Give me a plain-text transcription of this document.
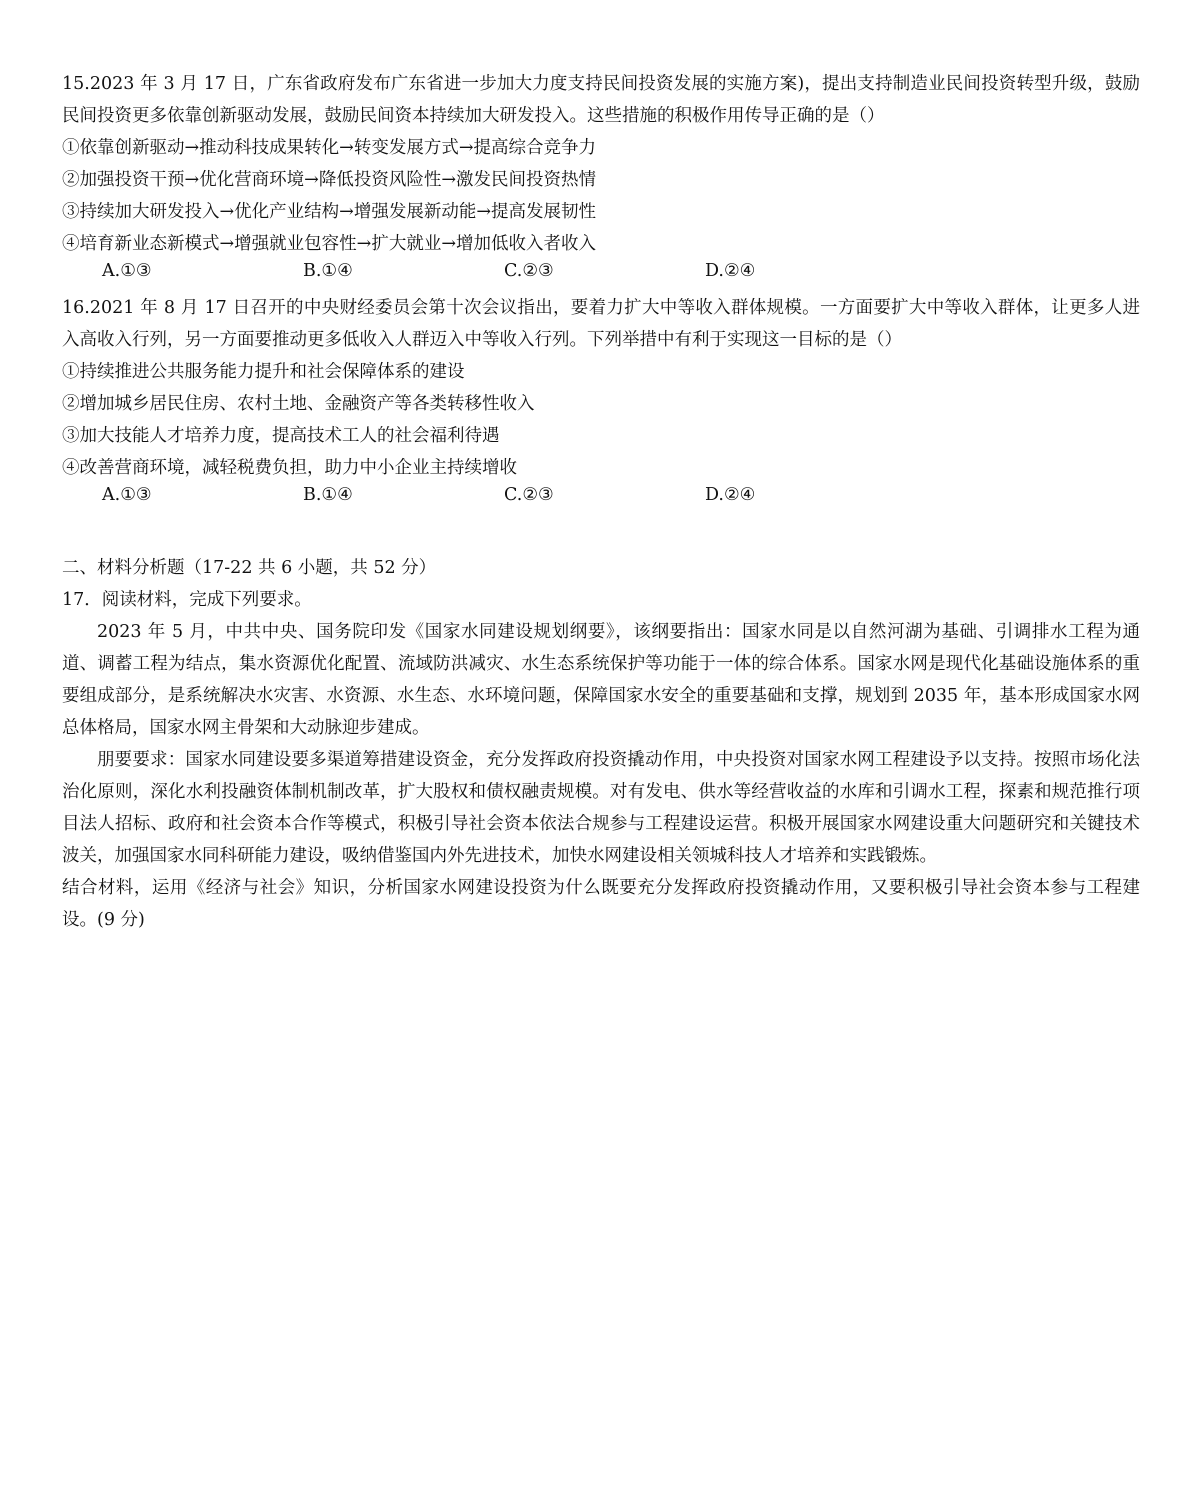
15.2023 年 3 月 17 日，广东省政府发布广东省进一步加大力度支持民间投资发展的实施方案)，提出支持制造业民间投资转型升级，鼓励民间投资更多依靠创新驱动发展，鼓励民间资本持续加大研发投入。这些措施的积极作用传导正确的是（）

①依靠创新驱动→推动科技成果转化→转变发展方式→提高综合竞争力

②加强投资干预→优化营商环境→降低投资风险性→激发民间投资热情

③持续加大研发投入→优化产业结构→增强发展新动能→提高发展韧性

④培育新业态新模式→增强就业包容性→扩大就业→增加低收入者收入

A.①③	B.①④	C.②③	D.②④

16.2021 年 8 月 17 日召开的中央财经委员会第十次会议指出，要着力扩大中等收入群体规模。一方面要扩大中等收入群体，让更多人进入高收入行列，另一方面要推动更多低收入人群迈入中等收入行列。下列举措中有利于实现这一目标的是（）

①持续推进公共服务能力提升和社会保障体系的建设

②增加城乡居民住房、农村土地、金融资产等各类转移性收入

③加大技能人才培养力度，提高技术工人的社会福利待遇

④改善营商环境，减轻税费负担，助力中小企业主持续增收

A.①③	B.①④	C.②③	D.②④

二、材料分析题（17-22 共 6 小题，共 52 分）

17．阅读材料，完成下列要求。

2023 年 5 月，中共中央、国务院印发《国家水同建设规划纲要》，该纲要指出：国家水同是以自然河湖为基础、引调排水工程为通道、调蓄工程为结点，集水资源优化配置、流域防洪减灾、水生态系统保护等功能于一体的综合体系。国家水网是现代化基础设施体系的重要组成部分，是系统解决水灾害、水资源、水生态、水环境问题，保障国家水安全的重要基础和支撑，规划到 2035 年，基本形成国家水网总体格局，国家水网主骨架和大动脉迎步建成。

朋要要求：国家水同建设要多渠道筹措建设资金，充分发挥政府投资撬动作用，中央投资对国家水网工程建设予以支持。按照市场化法治化原则，深化水利投融资体制机制改革，扩大股权和债权融责规模。对有发电、供水等经营收益的水库和引调水工程，探素和规范推行项目法人招标、政府和社会资本合作等模式，积极引导社会资本依法合规参与工程建设运营。积极开展国家水网建设重大问题研究和关键技术波关，加强国家水同科研能力建设，吸纳借鉴国内外先进技术，加快水网建设相关领城科技人才培养和实践锻炼。

结合材料，运用《经济与社会》知识，分析国家水网建设投资为什么既要充分发挥政府投资撬动作用，又要积极引导社会资本参与工程建设。(9 分)
